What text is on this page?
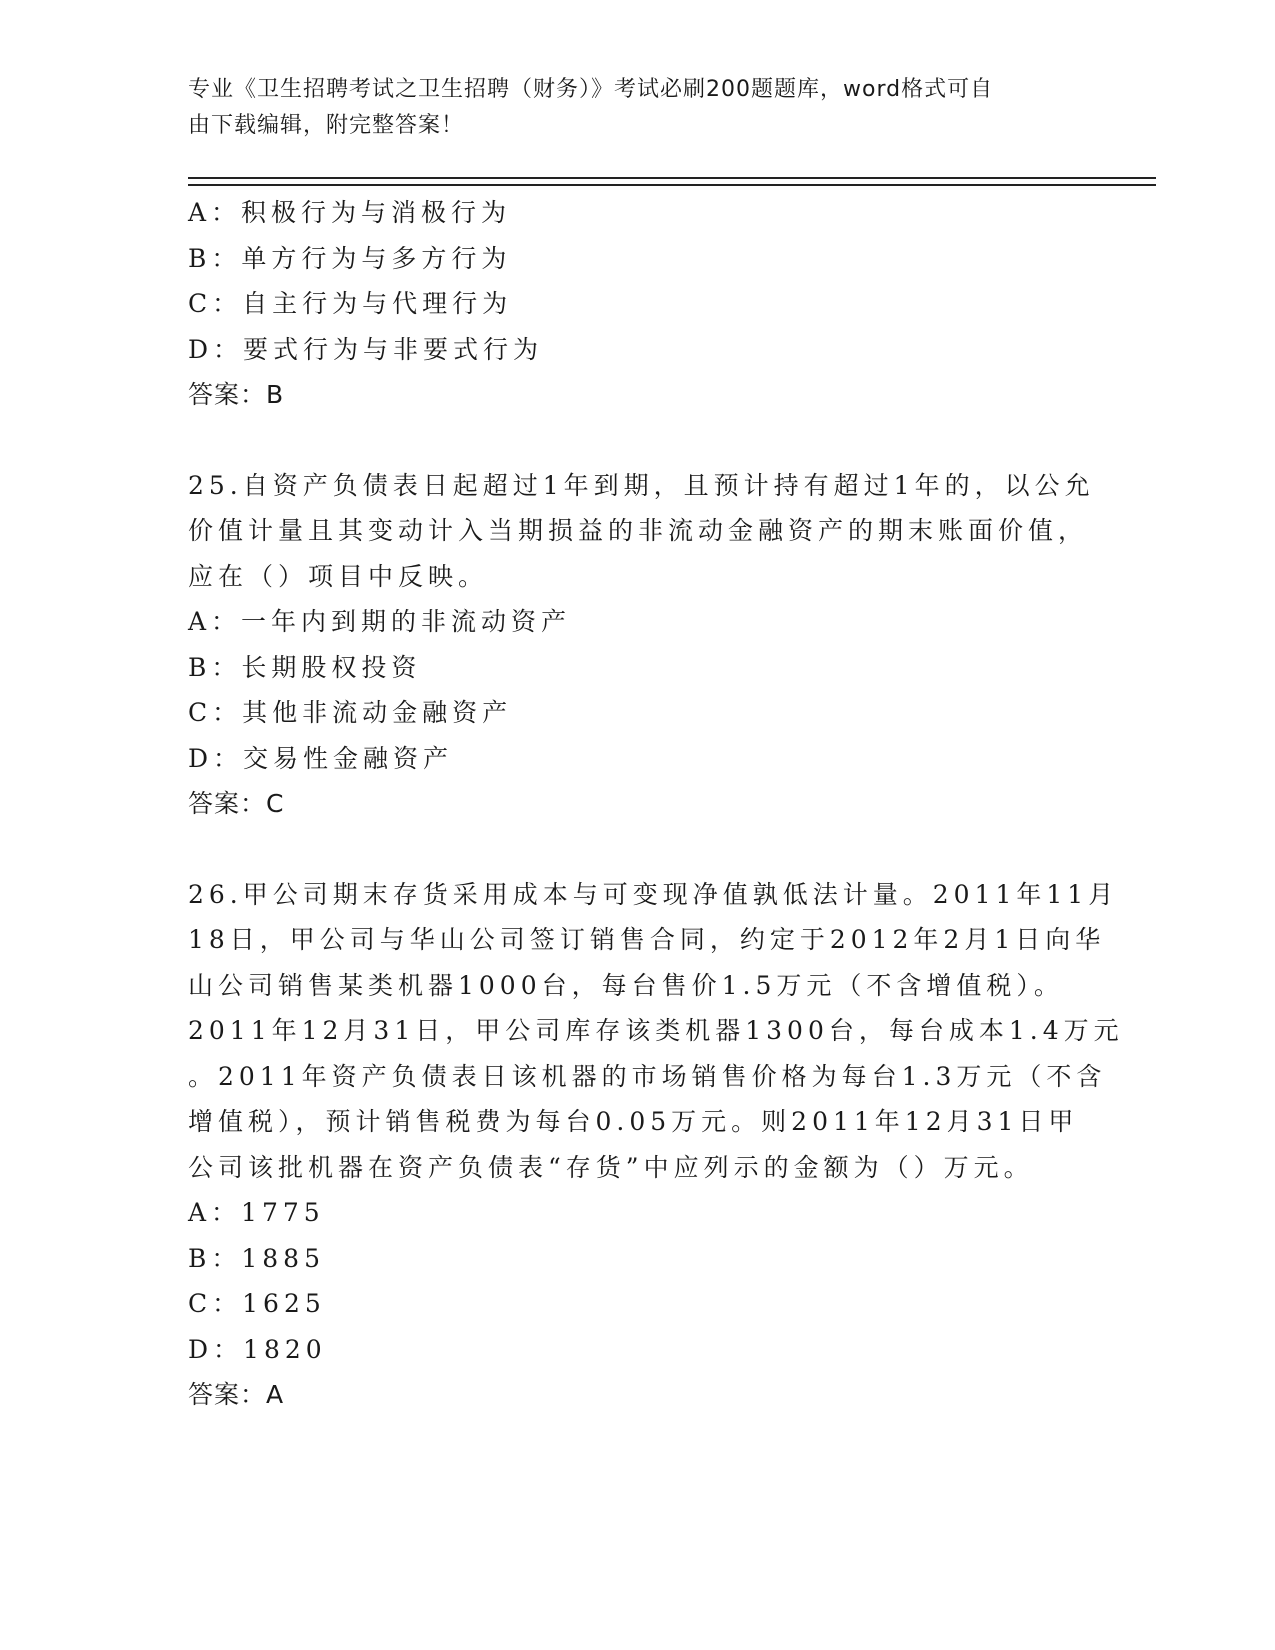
专业《卫生招聘考试之卫生招聘（财务）》考试必刷200题题库，word格式可自
由下载编辑，附完整答案！
A：积极行为与消极行为
B：单方行为与多方行为
C：自主行为与代理行为
D：要式行为与非要式行为
答案：B
25.自资产负债表日起超过1年到期，且预计持有超过1年的，以公允
价值计量且其变动计入当期损益的非流动金融资产的期末账面价值，
应在（）项目中反映。
A：一年内到期的非流动资产
B：长期股权投资
C：其他非流动金融资产
D：交易性金融资产
答案：C
26.甲公司期末存货采用成本与可变现净值孰低法计量。2011年11月
18日，甲公司与华山公司签订销售合同，约定于2012年2月1日向华
山公司销售某类机器1000台，每台售价1.5万元（不含增值税）。
2011年12月31日，甲公司库存该类机器1300台，每台成本1.4万元
。2011年资产负债表日该机器的市场销售价格为每台1.3万元（不含
增值税），预计销售税费为每台0.05万元。则2011年12月31日甲
公司该批机器在资产负债表“存货”中应列示的金额为（）万元。
A：1775
B：1885
C：1625
D：1820
答案：A
